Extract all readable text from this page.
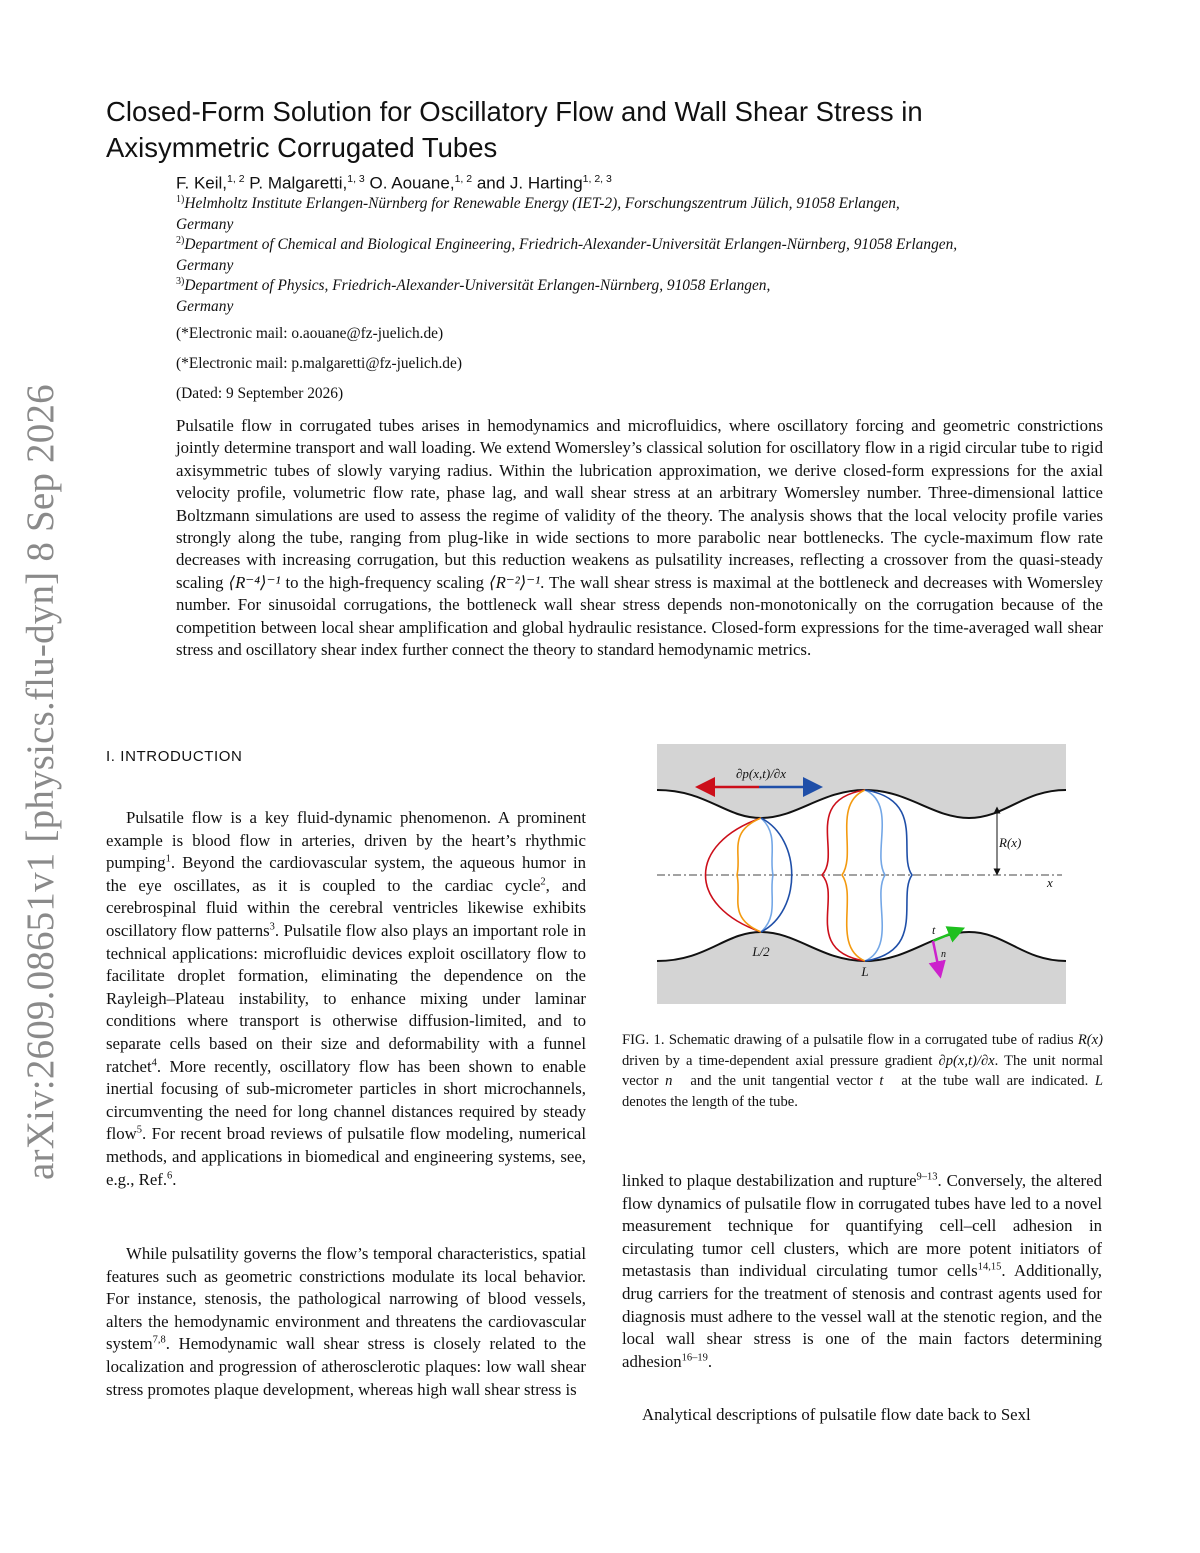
arXiv:2609.08651v1 [physics.flu-dyn] 8 Sep 2026
Closed-Form Solution for Oscillatory Flow and Wall Shear Stress in Axisymmetric Corrugated Tubes
F. Keil,$^{1, 2}$ P. Malgaretti,$^{1, 3}$ O. Aouane,$^{1, 2}$ and J. Harting$^{1, 2, 3}$
$^{1)}$Helmholtz Institute Erlangen-Nürnberg for Renewable Energy (IET-2), Forschungszentrum Jülich, 91058 Erlangen,
Germany
$^{2)}$Department of Chemical and Biological Engineering, Friedrich-Alexander-Universität Erlangen-Nürnberg, 91058 Erlangen,
Germany
$^{3)}$Department of Physics, Friedrich-Alexander-Universität Erlangen-Nürnberg, 91058 Erlangen,
Germany
(*Electronic mail: o.aouane@fz-juelich.de)
(*Electronic mail: p.malgaretti@fz-juelich.de)
(Dated: 9 September 2026)

Pulsatile flow in corrugated tubes arises in hemodynamics and microfluidics, where oscillatory forcing and geometric constrictions jointly determine transport and wall loading. We extend Womersley’s classical solution for oscillatory flow in a rigid circular tube to rigid axisymmetric tubes of slowly varying radius. Within the lubrication approximation, we derive closed-form expressions for the axial velocity profile, volumetric flow rate, phase lag, and wall shear stress at an arbitrary Womersley number. Three-dimensional lattice Boltzmann simulations are used to assess the regime of validity of the theory. The analysis shows that the local velocity profile varies strongly along the tube, ranging from plug-like in wide sections to more parabolic near bottlenecks. The cycle-maximum flow rate decreases with increasing corrugation, but this reduction weakens as pulsatility increases, reflecting a crossover from the quasi-steady scaling ⟨R⁻⁴⟩⁻¹ to the high-frequency scaling ⟨R⁻²⟩⁻¹. The wall shear stress is maximal at the bottleneck and decreases with Womersley number. For sinusoidal corrugations, the bottleneck wall shear stress depends non-monotonically on the corrugation because of the competition between local shear amplification and global hydraulic resistance. Closed-form expressions for the time-averaged wall shear stress and oscillatory shear index further connect the theory to standard hemodynamic metrics.

I. INTRODUCTION

Pulsatile flow is a key fluid-dynamic phenomenon. A prominent example is blood flow in arteries, driven by the heart’s rhythmic pumping$^1$. Beyond the cardiovascular system, the aqueous humor in the eye oscillates, as it is coupled to the cardiac cycle$^2$, and cerebrospinal fluid within the cerebral ventricles likewise exhibits oscillatory flow patterns$^3$. Pulsatile flow also plays an important role in technical applications: microfluidic devices exploit oscillatory flow to facilitate droplet formation, eliminating the dependence on the Rayleigh–Plateau instability, to enhance mixing under laminar conditions where transport is otherwise diffusion-limited, and to separate cells based on their size and deformability with a funnel ratchet$^4$. More recently, oscillatory flow has been shown to enable inertial focusing of sub-micrometer particles in short microchannels, circumventing the need for long channel distances required by steady flow$^5$. For recent broad reviews of pulsatile flow modeling, numerical methods, and applications in biomedical and engineering systems, see, e.g., Ref.$^6$.

While pulsatility governs the flow’s temporal characteristics, spatial features such as geometric constrictions modulate its local behavior. For instance, stenosis, the pathological narrowing of blood vessels, alters the hemodynamic environment and threatens the cardiovascular system$^{7,8}$. Hemodynamic wall shear stress is closely related to the localization and progression of atherosclerotic plaques: low wall shear stress promotes plaque development, whereas high wall shear stress is

∂p(x,t)/∂x
R(x)
x
L/2
L
t⃗
n⃗

FIG. 1. Schematic drawing of a pulsatile flow in a corrugated tube of radius R(x) driven by a time-dependent axial pressure gradient ∂p(x,t)/∂x. The unit normal vector n⃗ and the unit tangential vector t⃗ at the tube wall are indicated. L denotes the length of the tube.

linked to plaque destabilization and rupture$^{9-13}$. Conversely, the altered flow dynamics of pulsatile flow in corrugated tubes have led to a novel measurement technique for quantifying cell–cell adhesion in circulating tumor cell clusters, which are more potent initiators of metastasis than individual circulating tumor cells$^{14,15}$. Additionally, drug carriers for the treatment of stenosis and contrast agents used for diagnosis must adhere to the vessel wall at the stenotic region, and the local wall shear stress is one of the main factors determining adhesion$^{16-19}$.

Analytical descriptions of pulsatile flow date back to Sexl
